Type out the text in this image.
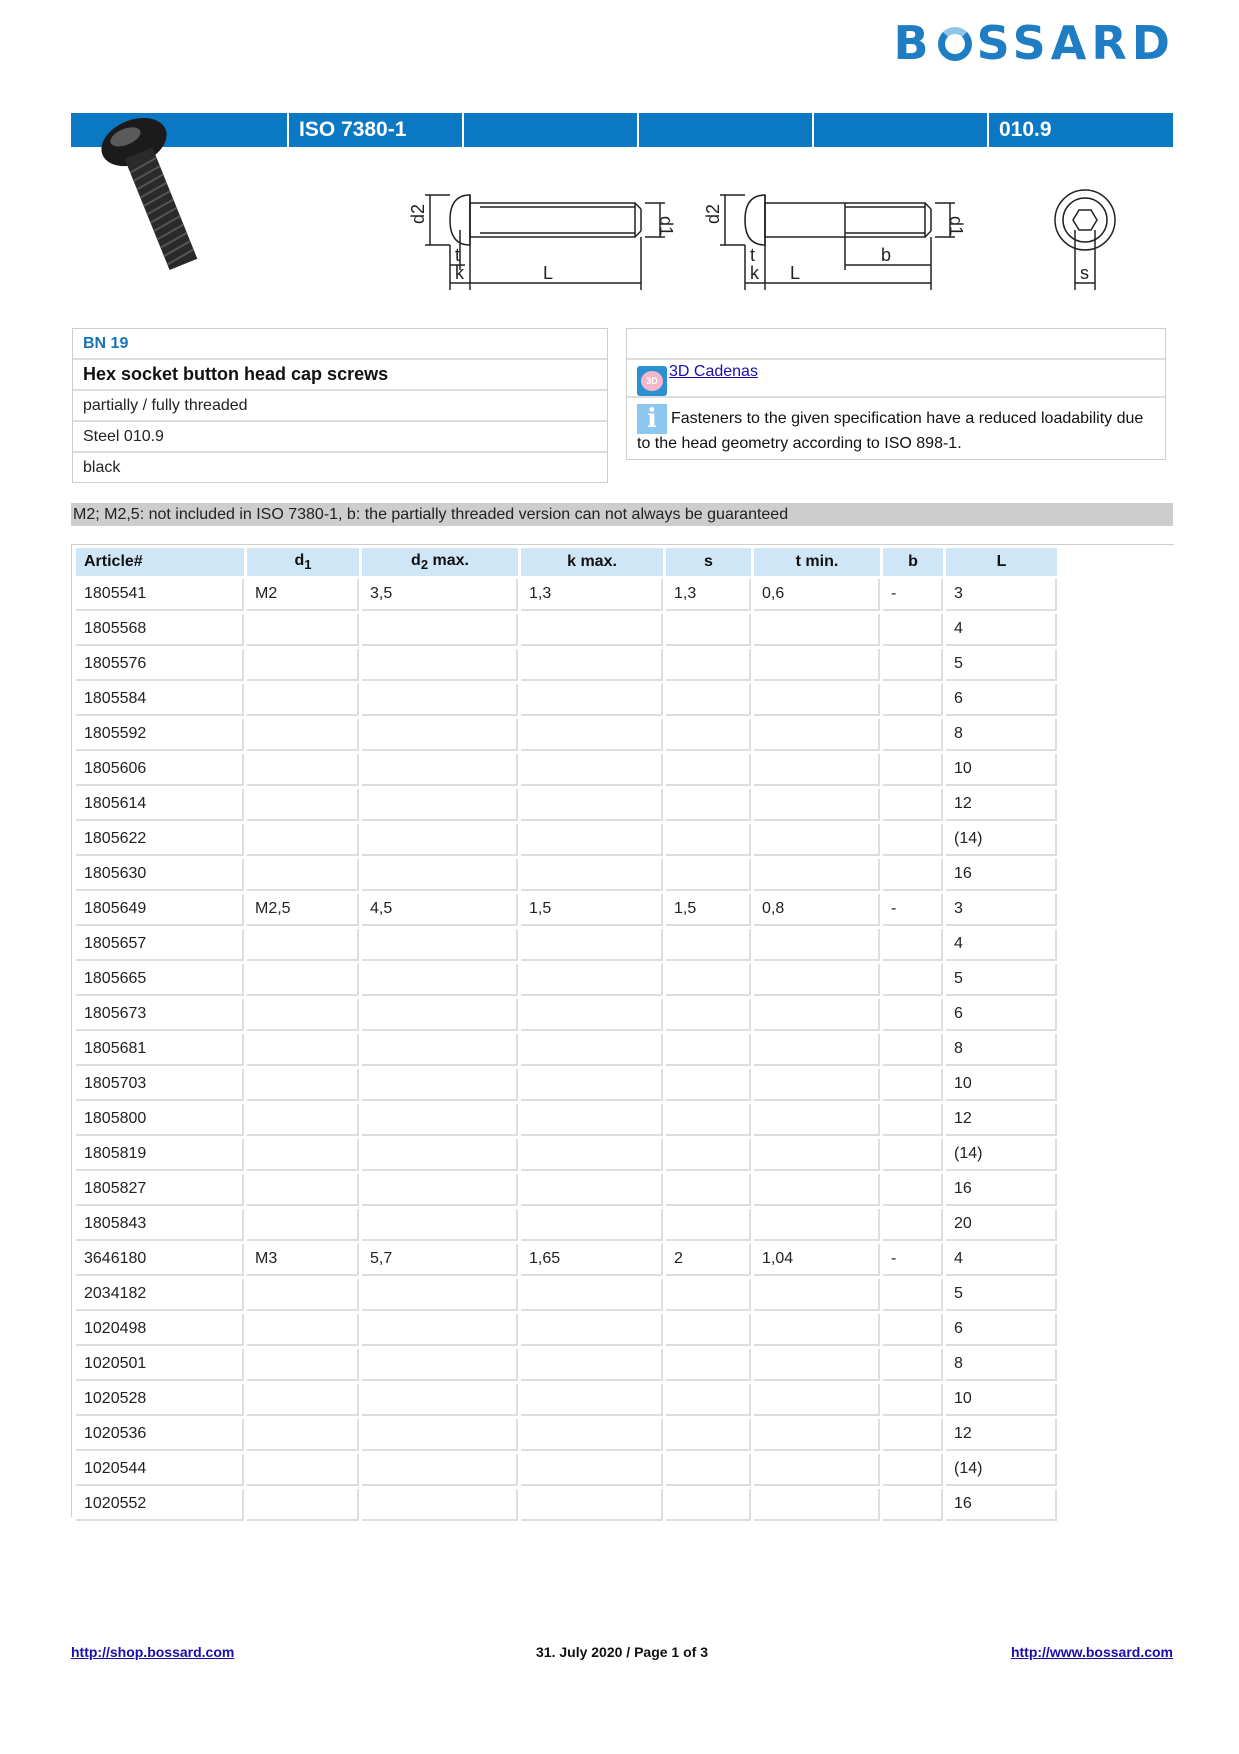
B SSARD
ISO 7380-1	010.9
d2
d1
t
k	L
d2
d1
t
k L
b
s
BN 19
Hex socket button head cap screws
partially / fully threaded
Steel 010.9
black
3D
3D Cadenas
i Fasteners to the given specification have a reduced loadability due to the head geometry according to ISO 898-1.
M2; M2,5: not included in ISO 7380-1, b: the partially threaded version can not always be guaranteed
Article#	$d_1$	$d_2$ max.	k max.	s	t min.	b	L
1805541	M2	3,5	1,3	1,3	0,6	-	3
1805568							4
1805576							5
1805584							6
1805592							8
1805606							10
1805614							12
1805622							(14)
1805630							16
1805649	M2,5	4,5	1,5	1,5	0,8	-	3
1805657							4
1805665							5
1805673							6
1805681							8
1805703							10
1805800							12
1805819							(14)
1805827							16
1805843							20
3646180	M3	5,7	1,65	2	1,04	-	4
2034182							5
1020498							6
1020501							8
1020528							10
1020536							12
1020544							(14)
1020552							16
31. July 2020 / Page 1 of 3
http://shop.bossard.com	http://www.bossard.com
